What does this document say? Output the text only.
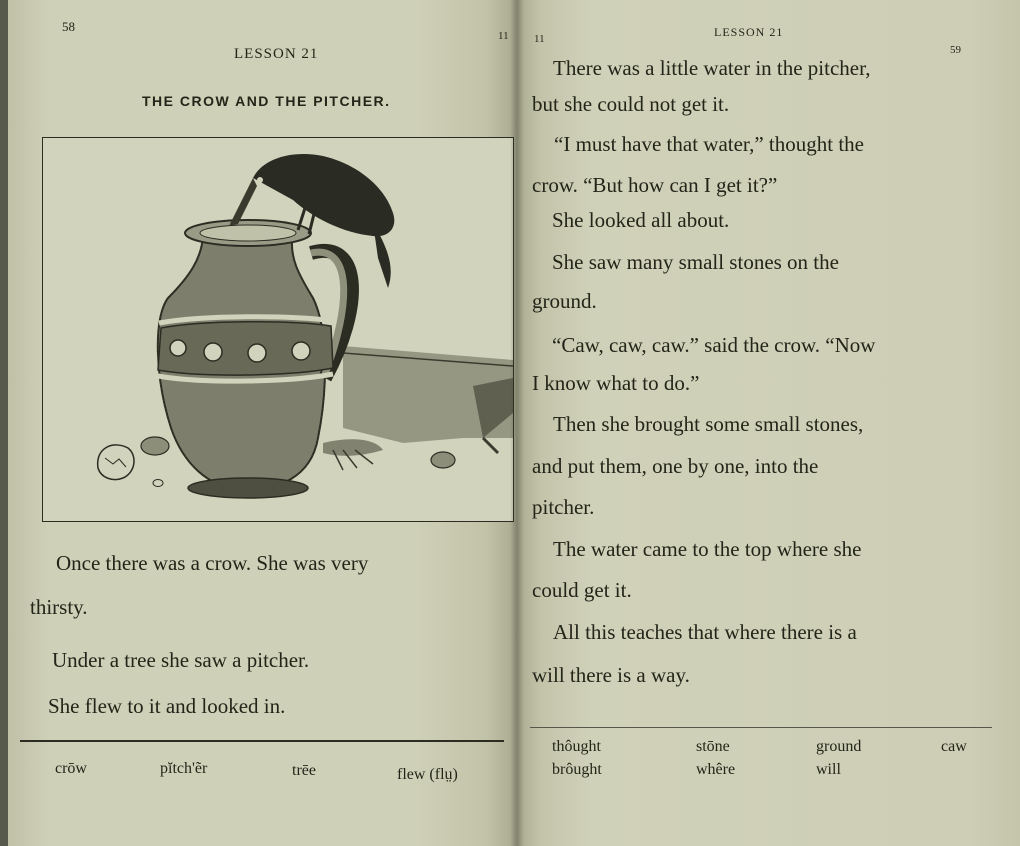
58
11
LESSON 21
THE CROW AND THE PITCHER.
Once there was a crow. She was very
thirsty.
Under a tree she saw a pitcher.
She flew to it and looked in.
crōw	pĭtch'ẽr	trēe	flew (flṳ)
11	LESSON 21
59
There was a little water in the pitcher,
but she could not get it.
“I must have that water,” thought the
crow. “But how can I get it?”
She looked all about.
She saw many small stones on the
ground.
“Caw, caw, caw.” said the crow. “Now
I know what to do.”
Then she brought some small stones,
and put them, one by one, into the
pitcher.
The water came to the top where she
could get it.
All this teaches that where there is a
will there is a way.
thôught	stōne	ground	caw
brôught	whêre	will
